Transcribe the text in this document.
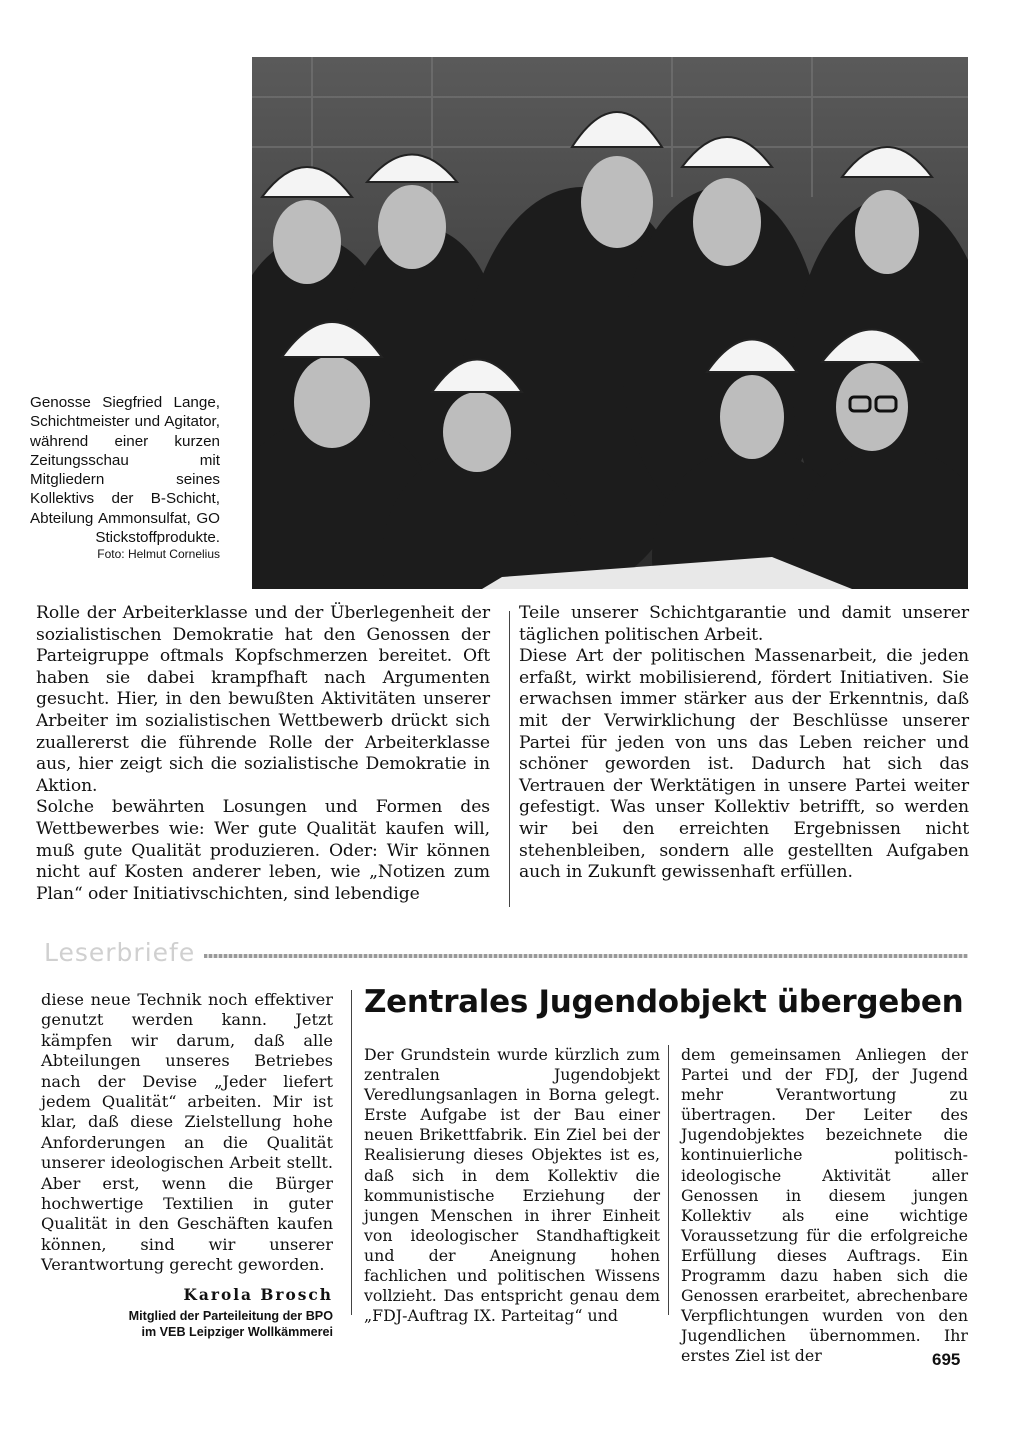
Genosse Siegfried Lange, Schichtmeister und Agitator, während einer kurzen Zeitungsschau mit Mitgliedern seines Kollektivs der B-Schicht, Abteilung Ammonsulfat, GO Stickstoffprodukte.
Foto: Helmut Cornelius

Rolle der Arbeiterklasse und der Überlegenheit der sozialistischen Demokratie hat den Genossen der Parteigruppe oftmals Kopfschmerzen bereitet. Oft haben sie dabei krampfhaft nach Argumenten gesucht. Hier, in den bewußten Aktivitäten unserer Arbeiter im sozialistischen Wettbewerb drückt sich zuallererst die führende Rolle der Arbeiterklasse aus, hier zeigt sich die sozialistische Demokratie in Aktion.

Solche bewährten Losungen und Formen des Wettbewerbes wie: Wer gute Qualität kaufen will, muß gute Qualität produzieren. Oder: Wir können nicht auf Kosten anderer leben, wie „Notizen zum Plan“ oder Initiativschichten, sind lebendige

Teile unserer Schichtgarantie und damit unserer täglichen politischen Arbeit.

Diese Art der politischen Massenarbeit, die jeden erfaßt, wirkt mobilisierend, fördert Initiativen. Sie erwachsen immer stärker aus der Erkenntnis, daß mit der Verwirklichung der Beschlüsse unserer Partei für jeden von uns das Leben reicher und schöner geworden ist. Dadurch hat sich das Vertrauen der Werktätigen in unsere Partei weiter gefestigt. Was unser Kollektiv betrifft, so werden wir bei den erreichten Ergebnissen nicht stehenbleiben, sondern alle gestellten Aufgaben auch in Zukunft gewissenhaft erfüllen.

Leserbriefe

diese neue Technik noch effektiver genutzt werden kann. Jetzt kämpfen wir darum, daß alle Abteilungen unseres Betriebes nach der Devise „Jeder liefert jedem Qualität“ arbeiten. Mir ist klar, daß diese Zielstellung hohe Anforderungen an die Qualität unserer ideologischen Arbeit stellt. Aber erst, wenn die Bürger hochwertige Textilien in guter Qualität in den Geschäften kaufen können, sind wir unserer Verantwortung gerecht geworden.

Karola Brosch
Mitglied der Parteileitung der BPO
im VEB Leipziger Wollkämmerei
Zentrales Jugendobjekt übergeben
Der Grundstein wurde kürzlich zum zentralen Jugendobjekt Veredlungsanlagen in Borna gelegt. Erste Aufgabe ist der Bau einer neuen Brikettfabrik. Ein Ziel bei der Realisierung dieses Objektes ist es, daß sich in dem Kollektiv die kommunistische Erziehung der jungen Menschen in ihrer Einheit von ideologischer Standhaftigkeit und der Aneignung hohen fachlichen und politischen Wissens vollzieht. Das entspricht genau dem „FDJ-Auftrag IX. Parteitag“ und
dem gemeinsamen Anliegen der Partei und der FDJ, der Jugend mehr Verantwortung zu übertragen. Der Leiter des Jugendobjektes bezeichnete die kontinuierliche politisch-ideologische Aktivität aller Genossen in diesem jungen Kollektiv als eine wichtige Voraussetzung für die erfolgreiche Erfüllung dieses Auftrags. Ein Programm dazu haben sich die Genossen erarbeitet, abrechenbare Verpflichtungen wurden von den Jugendlichen übernommen. Ihr erstes Ziel ist der	695
